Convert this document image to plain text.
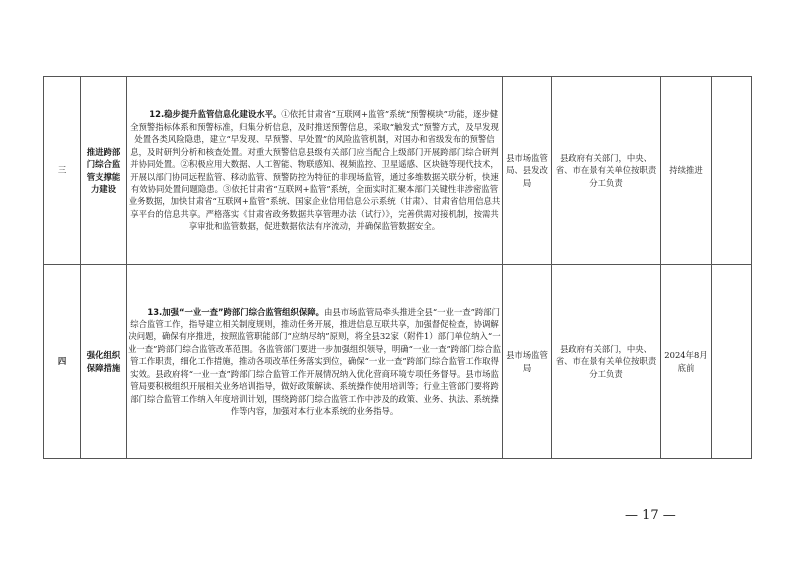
三	推进跨部门综合监管支撑能力建设	12.稳步提升监管信息化建设水平。①依托甘肃省“互联网+监管”系统“预警模块”功能，逐步健全预警指标体系和预警标准，归集分析信息，及时推送预警信息，采取“触发式”预警方式，及早发现处置各类风险隐患，建立“早发现、早预警、早处置”的风险监管机制，对国办和省级发布的预警信息，及时研判分析和核查处置。对重大预警信息县级有关部门应当配合上级部门开展跨部门综合研判并协同处置。②积极应用大数据、人工智能、物联感知、视频监控、卫星遥感、区块链等现代技术，开展以部门协同远程监管、移动监管、预警防控为特征的非现场监管，通过多维数据关联分析，快速有效协同处置问题隐患。③依托甘肃省“互联网+监管”系统，全面实时汇聚本部门关键性非涉密监管业务数据，加快甘肃省“互联网+监管”系统、国家企业信用信息公示系统（甘肃）、甘肃省信用信息共享平台的信息共享。严格落实《甘肃省政务数据共享管理办法（试行）》，完善供需对接机制，按需共享审批和监管数据，促进数据依法有序流动，并确保监管数据安全。	县市场监管局、县发改局	县政府有关部门，中央、省、市在景有关单位按职责分工负责	持续推进	
四	强化组织保障措施	13.加强“一业一查”跨部门综合监管组织保障。由县市场监管局牵头推进全县“一业一查”跨部门综合监管工作，指导建立相关制度规则，推动任务开展，推进信息互联共享，加强督促检查，协调解决问题，确保有序推进，按照监管职能部门“应纳尽纳”原则，将全县32家（附件1）部门单位纳入“一业一查”跨部门综合监管改革范围。各监管部门要进一步加强组织领导，明确“一业一查”跨部门综合监管工作职责，细化工作措施，推动各项改革任务落实到位，确保“一业一查”跨部门综合监管工作取得实效。县政府将“一业一查”跨部门综合监管工作开展情况纳入优化营商环境专项任务督导。县市场监管局要积极组织开展相关业务培训指导，做好政策解读、系统操作使用培训等；行业主管部门要将跨部门综合监管工作纳入年度培训计划，围绕跨部门综合监管工作中涉及的政策、业务、执法、系统操作等内容，加强对本行业本系统的业务指导。	县市场监管局	县政府有关部门，中央、省、市在景有关单位按职责分工负责	2024年8月底前	
— 17 —
